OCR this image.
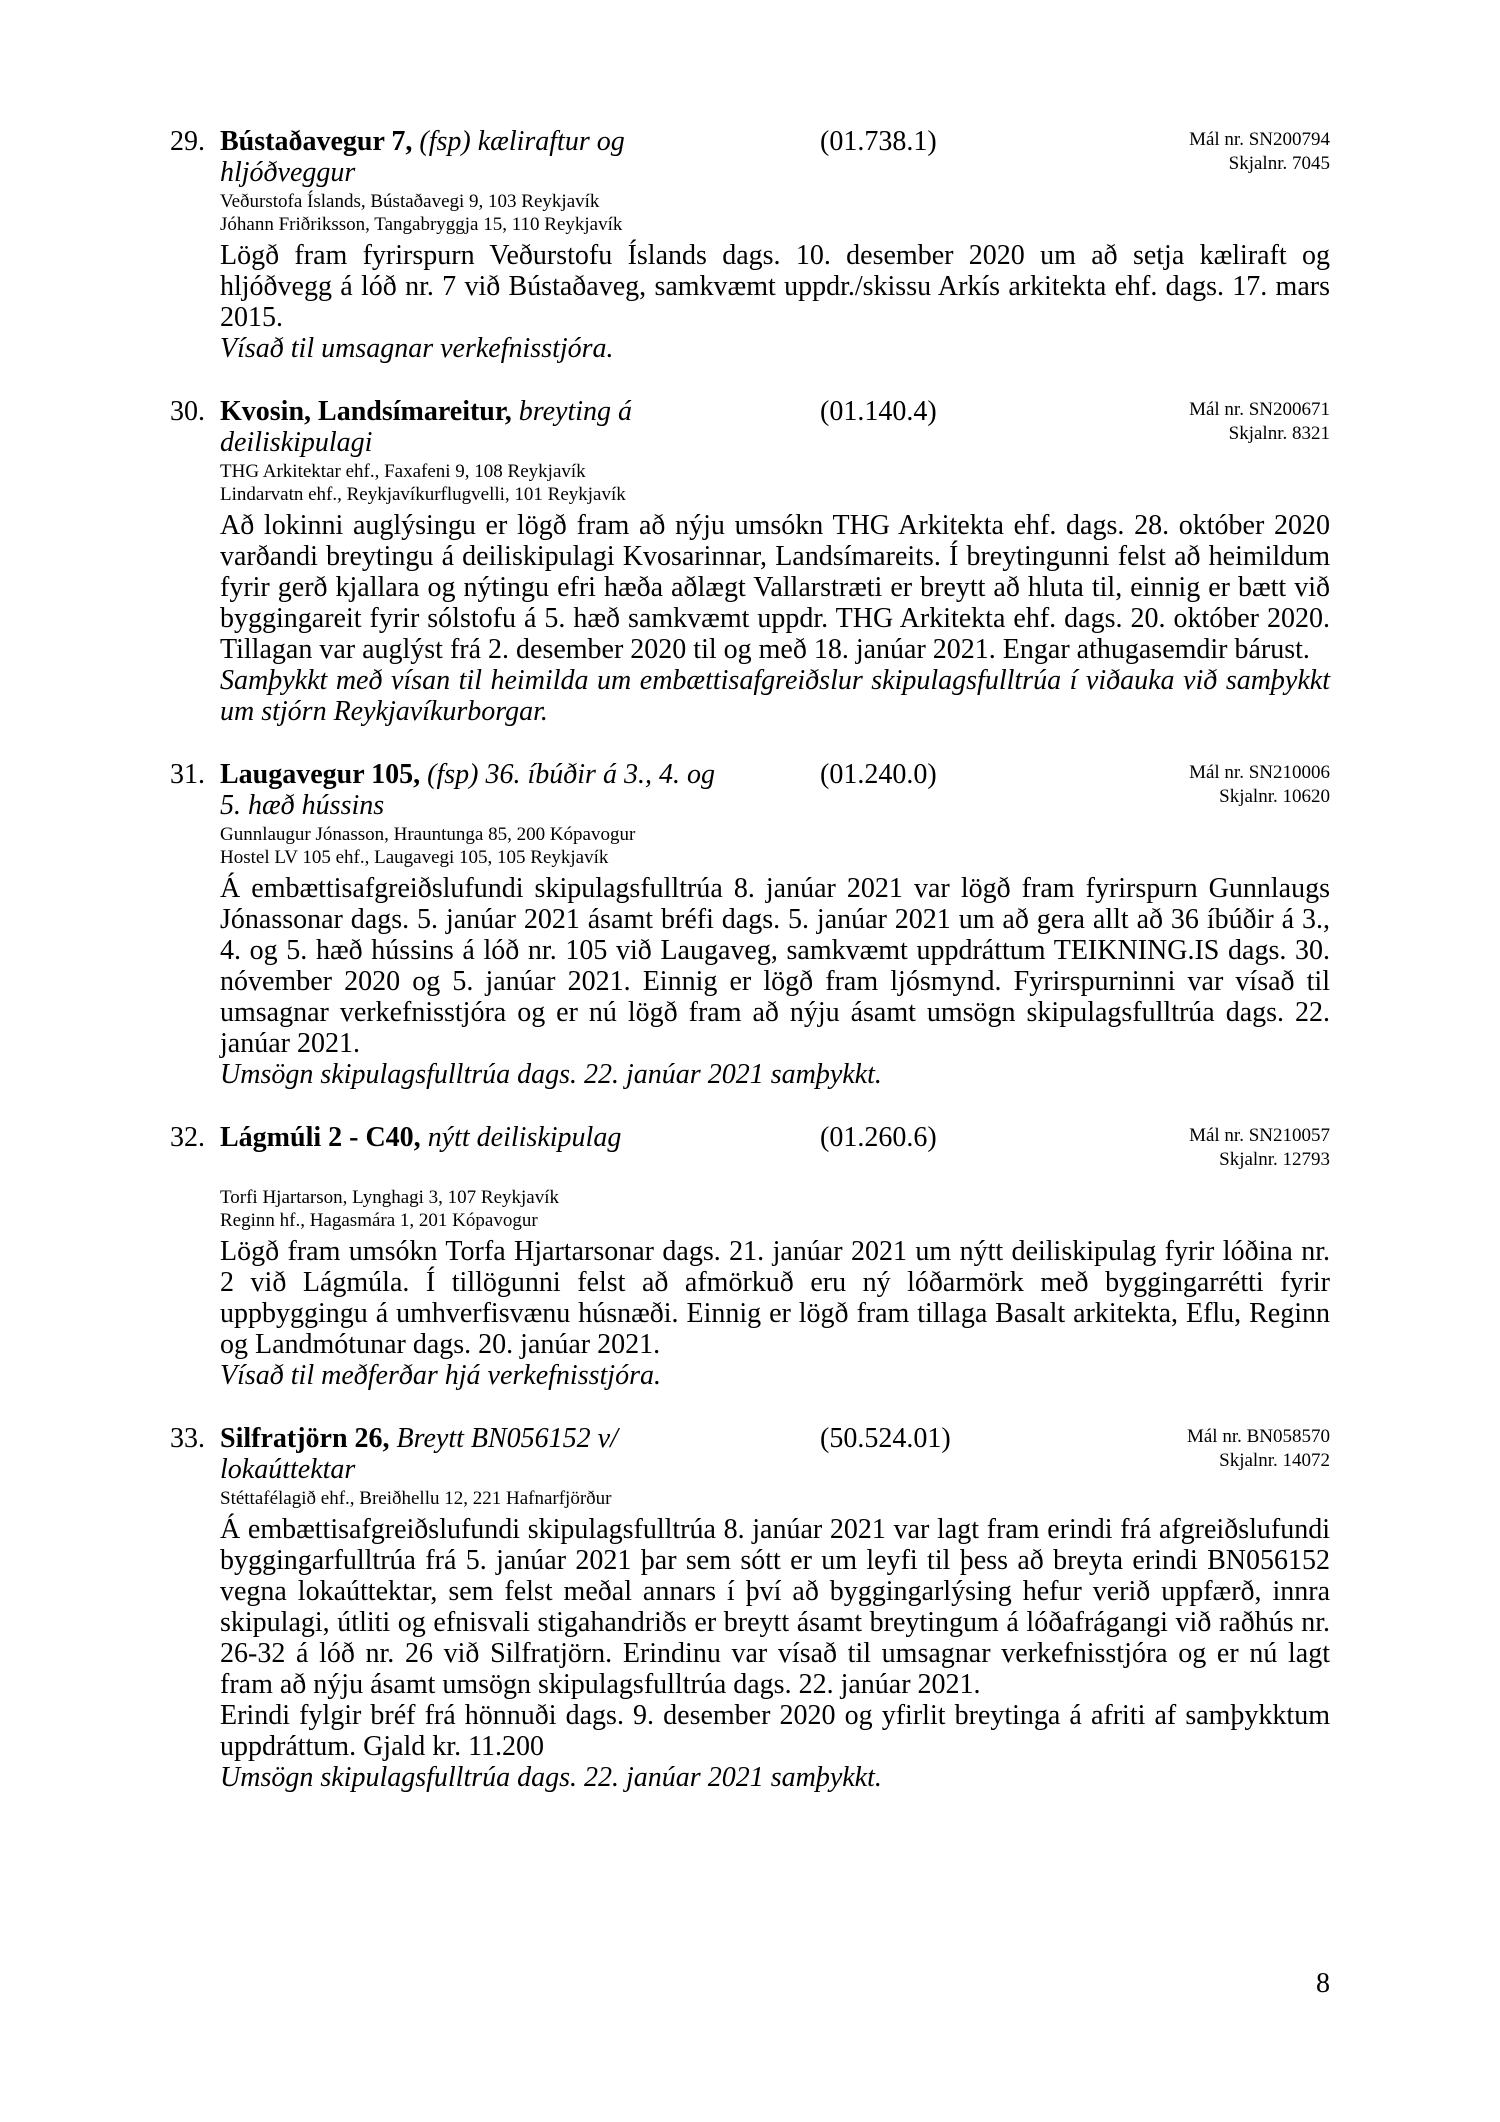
29. Bústaðavegur 7, (fsp) kæliraftur og
hljóðveggur
(01.738.1)	Mál nr. SN200794
Skjalnr. 7045
Veðurstofa Íslands, Bústaðavegi 9, 103 Reykjavík
Jóhann Friðriksson, Tangabryggja 15, 110 Reykjavík

Lögð fram fyrirspurn Veðurstofu Íslands dags. 10. desember 2020 um að setja kæliraft og hljóðvegg á lóð nr. 7 við Bústaðaveg, samkvæmt uppdr./skissu Arkís arkitekta ehf. dags. 17. mars 2015.

Vísað til umsagnar verkefnisstjóra.

30. Kvosin, Landsímareitur, breyting á
deiliskipulagi
(01.140.4)	Mál nr. SN200671
Skjalnr. 8321
THG Arkitektar ehf., Faxafeni 9, 108 Reykjavík
Lindarvatn ehf., Reykjavíkurflugvelli, 101 Reykjavík

Að lokinni auglýsingu er lögð fram að nýju umsókn THG Arkitekta ehf. dags. 28. október 2020 varðandi breytingu á deiliskipulagi Kvosarinnar, Landsímareits. Í breytingunni felst að heimildum fyrir gerð kjallara og nýtingu efri hæða aðlægt Vallarstræti er breytt að hluta til, einnig er bætt við byggingareit fyrir sólstofu á 5. hæð samkvæmt uppdr. THG Arkitekta ehf. dags. 20. október 2020. Tillagan var auglýst frá 2. desember 2020 til og með 18. janúar 2021. Engar athugasemdir bárust.

Samþykkt með vísan til heimilda um embættisafgreiðslur skipulagsfulltrúa í viðauka við samþykkt um stjórn Reykjavíkurborgar.

31. Laugavegur 105, (fsp) 36. íbúðir á 3., 4. og
5. hæð hússins
(01.240.0)	Mál nr. SN210006
Skjalnr. 10620
Gunnlaugur Jónasson, Hrauntunga 85, 200 Kópavogur
Hostel LV 105 ehf., Laugavegi 105, 105 Reykjavík

Á embættisafgreiðslufundi skipulagsfulltrúa 8. janúar 2021 var lögð fram fyrirspurn Gunnlaugs Jónassonar dags. 5. janúar 2021 ásamt bréfi dags. 5. janúar 2021 um að gera allt að 36 íbúðir á 3., 4. og 5. hæð hússins á lóð nr. 105 við Laugaveg, samkvæmt uppdráttum TEIKNING.IS dags. 30. nóvember 2020 og 5. janúar 2021. Einnig er lögð fram ljósmynd. Fyrirspurninni var vísað til umsagnar verkefnisstjóra og er nú lögð fram að nýju ásamt umsögn skipulagsfulltrúa dags. 22. janúar 2021.

Umsögn skipulagsfulltrúa dags. 22. janúar 2021 samþykkt.

32. Lágmúli 2 - C40, nýtt deiliskipulag	(01.260.6)	Mál nr. SN210057
Skjalnr. 12793
Torfi Hjartarson, Lynghagi 3, 107 Reykjavík
Reginn hf., Hagasmára 1, 201 Kópavogur

Lögð fram umsókn Torfa Hjartarsonar dags. 21. janúar 2021 um nýtt deiliskipulag fyrir lóðina nr. 2 við Lágmúla. Í tillögunni felst að afmörkuð eru ný lóðarmörk með byggingarrétti fyrir uppbyggingu á umhverfisvænu húsnæði. Einnig er lögð fram tillaga Basalt arkitekta, Eflu, Reginn og Landmótunar dags. 20. janúar 2021.

Vísað til meðferðar hjá verkefnisstjóra.

33. Silfratjörn 26, Breytt BN056152 v/
lokaúttektar
(50.524.01)	Mál nr. BN058570
Skjalnr. 14072
Stéttafélagið ehf., Breiðhellu 12, 221 Hafnarfjörður

Á embættisafgreiðslufundi skipulagsfulltrúa 8. janúar 2021 var lagt fram erindi frá afgreiðslufundi byggingarfulltrúa frá 5. janúar 2021 þar sem sótt er um leyfi til þess að breyta erindi BN056152 vegna lokaúttektar, sem felst meðal annars í því að byggingarlýsing hefur verið uppfærð, innra skipulagi, útliti og efnisvali stigahandriðs er breytt ásamt breytingum á lóðafrágangi við raðhús nr. 26-32 á lóð nr. 26 við Silfratjörn. Erindinu var vísað til umsagnar verkefnisstjóra og er nú lagt fram að nýju ásamt umsögn skipulagsfulltrúa dags. 22. janúar 2021.

Erindi fylgir bréf frá hönnuði dags. 9. desember 2020 og yfirlit breytinga á afriti af samþykktum uppdráttum. Gjald kr. 11.200

Umsögn skipulagsfulltrúa dags. 22. janúar 2021 samþykkt.

8
